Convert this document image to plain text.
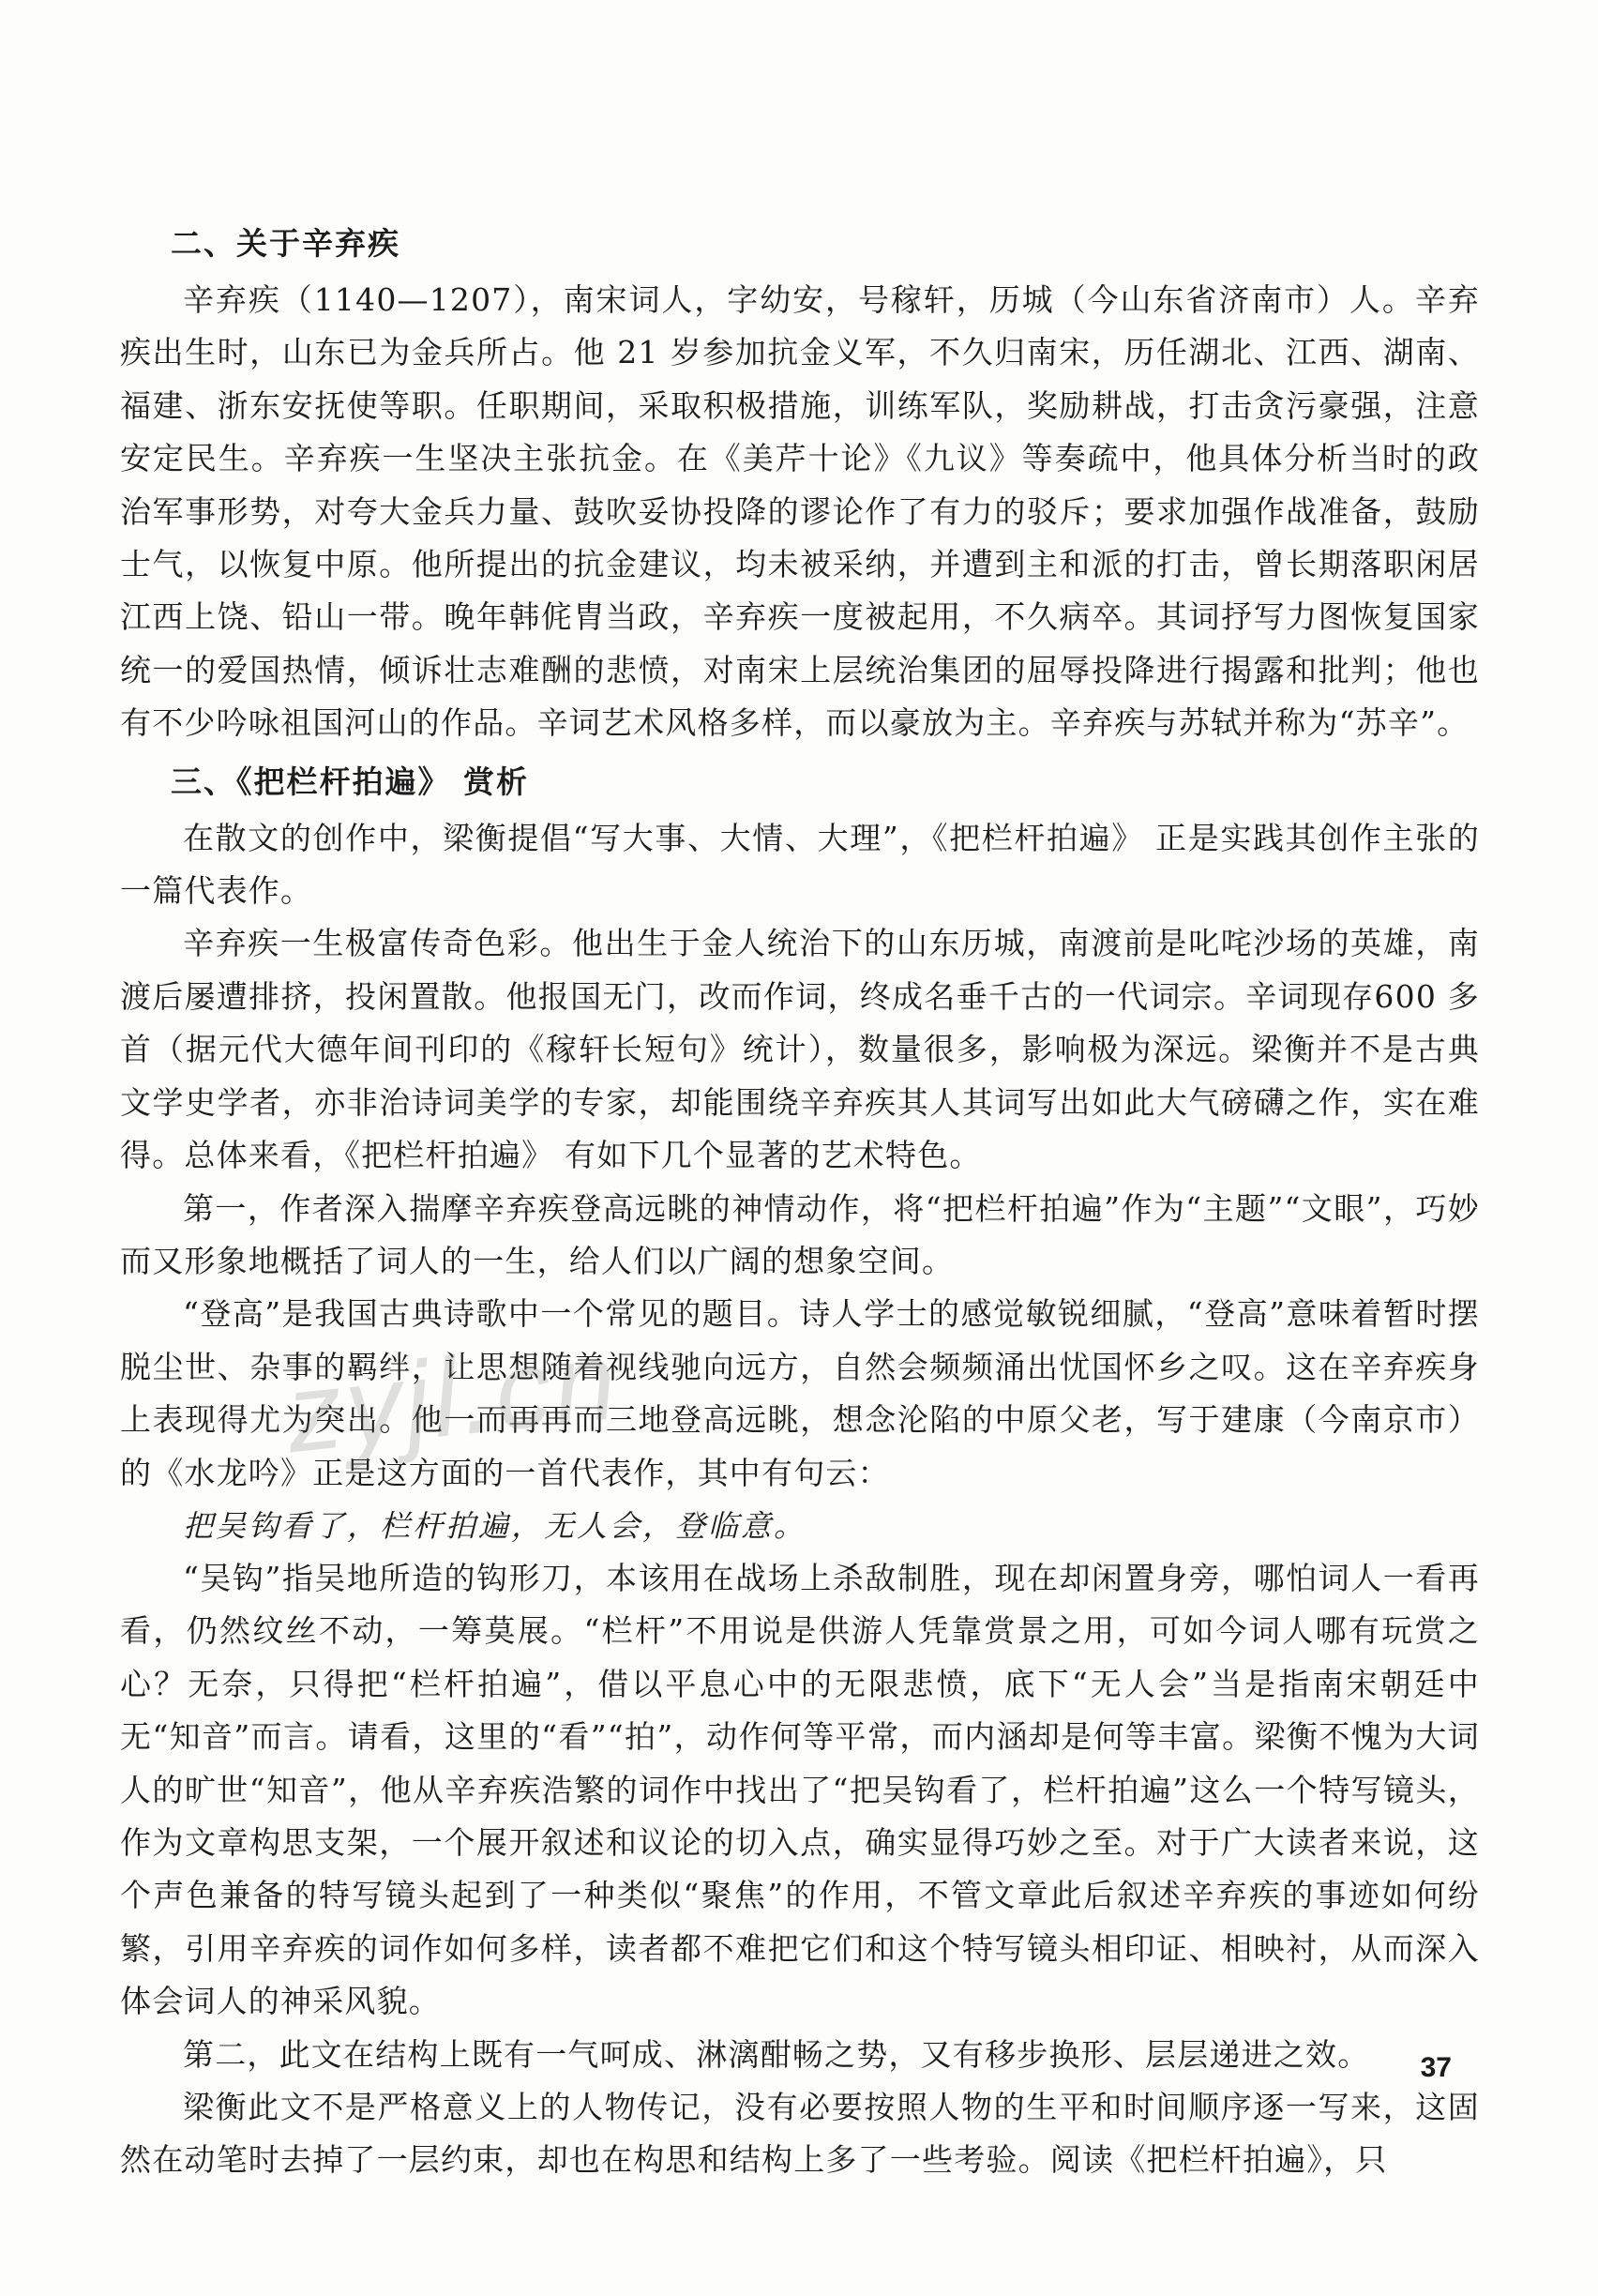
二、关于辛弃疾

辛弃疾（1140—1207），南宋词人，字幼安，号稼轩，历城（今山东省济南市）人。辛弃疾出生时，山东已为金兵所占。他 21 岁参加抗金义军，不久归南宋，历任湖北、江西、湖南、福建、浙东安抚使等职。任职期间，采取积极措施，训练军队，奖励耕战，打击贪污豪强，注意安定民生。辛弃疾一生坚决主张抗金。在《美芹十论》《九议》等奏疏中，他具体分析当时的政治军事形势，对夸大金兵力量、鼓吹妥协投降的谬论作了有力的驳斥；要求加强作战准备，鼓励士气，以恢复中原。他所提出的抗金建议，均未被采纳，并遭到主和派的打击，曾长期落职闲居江西上饶、铅山一带。晚年韩侂胄当政，辛弃疾一度被起用，不久病卒。其词抒写力图恢复国家统一的爱国热情，倾诉壮志难酬的悲愤，对南宋上层统治集团的屈辱投降进行揭露和批判；他也有不少吟咏祖国河山的作品。辛词艺术风格多样，而以豪放为主。辛弃疾与苏轼并称为“苏辛”。

三、《把栏杆拍遍》 赏析

在散文的创作中，梁衡提倡“写大事、大情、大理”，《把栏杆拍遍》 正是实践其创作主张的一篇代表作。

辛弃疾一生极富传奇色彩。他出生于金人统治下的山东历城，南渡前是叱咤沙场的英雄，南渡后屡遭排挤，投闲置散。他报国无门，改而作词，终成名垂千古的一代词宗。辛词现存600 多首（据元代大德年间刊印的《稼轩长短句》统计），数量很多，影响极为深远。梁衡并不是古典文学史学者，亦非治诗词美学的专家，却能围绕辛弃疾其人其词写出如此大气磅礴之作，实在难得。总体来看，《把栏杆拍遍》 有如下几个显著的艺术特色。

第一，作者深入揣摩辛弃疾登高远眺的神情动作，将“把栏杆拍遍”作为“主题”“文眼”，巧妙而又形象地概括了词人的一生，给人们以广阔的想象空间。

“登高”是我国古典诗歌中一个常见的题目。诗人学士的感觉敏锐细腻，“登高”意味着暂时摆脱尘世、杂事的羁绊，让思想随着视线驰向远方，自然会频频涌出忧国怀乡之叹。这在辛弃疾身上表现得尤为突出。他一而再再而三地登高远眺，想念沦陷的中原父老，写于建康（今南京市）的《水龙吟》正是这方面的一首代表作，其中有句云：

把吴钩看了，栏杆拍遍，无人会，登临意。

“吴钩”指吴地所造的钩形刀，本该用在战场上杀敌制胜，现在却闲置身旁，哪怕词人一看再看，仍然纹丝不动，一筹莫展。“栏杆”不用说是供游人凭靠赏景之用，可如今词人哪有玩赏之心？无奈，只得把“栏杆拍遍”，借以平息心中的无限悲愤，底下“无人会”当是指南宋朝廷中无“知音”而言。请看，这里的“看”“拍”，动作何等平常，而内涵却是何等丰富。梁衡不愧为大词人的旷世“知音”，他从辛弃疾浩繁的词作中找出了“把吴钩看了，栏杆拍遍”这么一个特写镜头，作为文章构思支架，一个展开叙述和议论的切入点，确实显得巧妙之至。对于广大读者来说，这个声色兼备的特写镜头起到了一种类似“聚焦”的作用，不管文章此后叙述辛弃疾的事迹如何纷繁，引用辛弃疾的词作如何多样，读者都不难把它们和这个特写镜头相印证、相映衬，从而深入体会词人的神采风貌。

第二，此文在结构上既有一气呵成、淋漓酣畅之势，又有移步换形、层层递进之效。

梁衡此文不是严格意义上的人物传记，没有必要按照人物的生平和时间顺序逐一写来，这固然在动笔时去掉了一层约束，却也在构思和结构上多了一些考验。阅读《把栏杆拍遍》，只

zyjl.cn
37
